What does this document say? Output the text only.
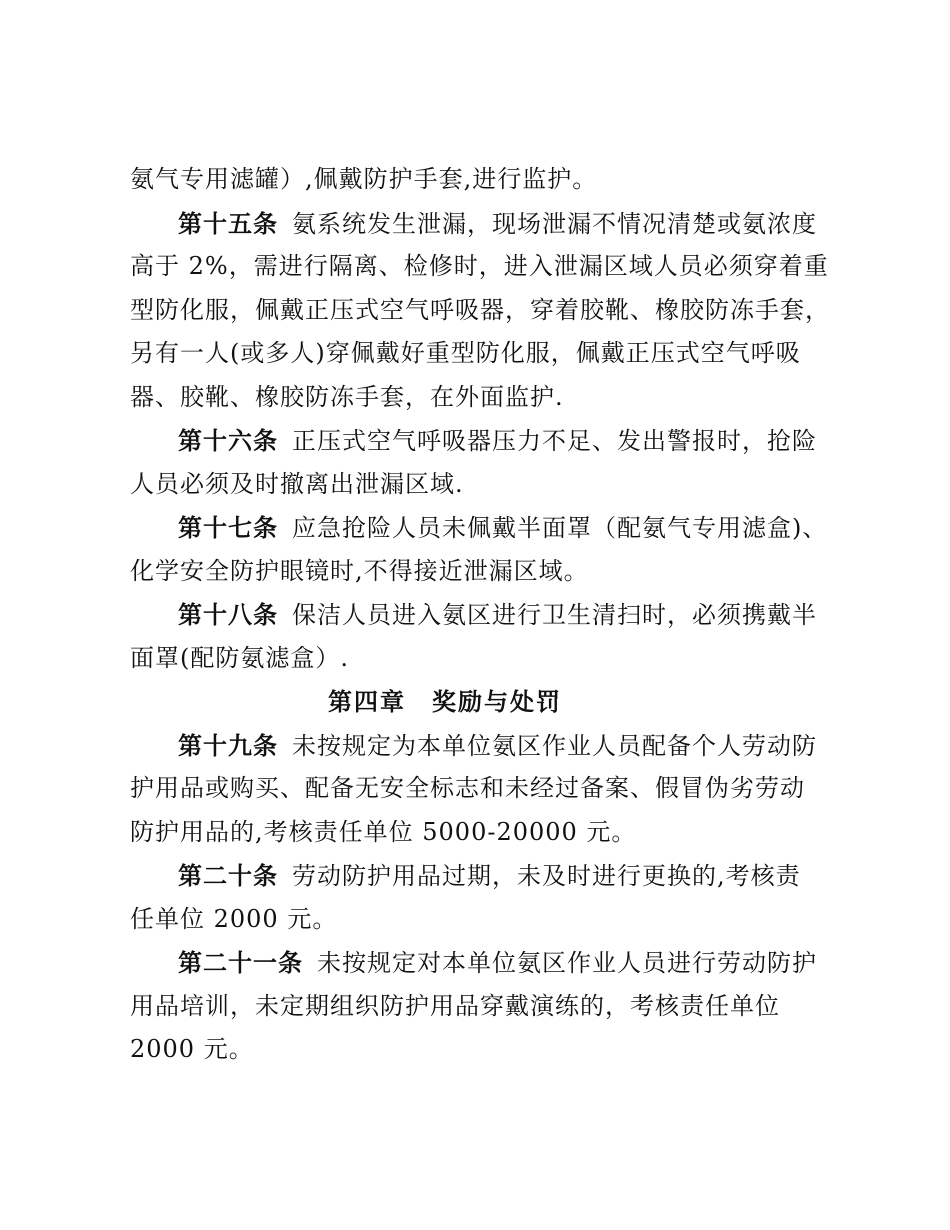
氨气专用滤罐）,佩戴防护手套,进行监护。
第十五条 氨系统发生泄漏，现场泄漏不情况清楚或氨浓度
高于 2%，需进行隔离、检修时，进入泄漏区域人员必须穿着重
型防化服，佩戴正压式空气呼吸器，穿着胶靴、橡胶防冻手套，
另有一人(或多人)穿佩戴好重型防化服，佩戴正压式空气呼吸
器、胶靴、橡胶防冻手套，在外面监护.
第十六条 正压式空气呼吸器压力不足、发出警报时，抢险
人员必须及时撤离出泄漏区域.
第十七条 应急抢险人员未佩戴半面罩（配氨气专用滤盒)、
化学安全防护眼镜时,不得接近泄漏区域。
第十八条 保洁人员进入氨区进行卫生清扫时，必须携戴半
面罩(配防氨滤盒）.
第四章　奖励与处罚
第十九条 未按规定为本单位氨区作业人员配备个人劳动防
护用品或购买、配备无安全标志和未经过备案、假冒伪劣劳动
防护用品的,考核责任单位 5000-20000 元。
第二十条 劳动防护用品过期，未及时进行更换的,考核责
任单位 2000 元。
第二十一条 未按规定对本单位氨区作业人员进行劳动防护
用品培训，未定期组织防护用品穿戴演练的，考核责任单位
2000 元。
